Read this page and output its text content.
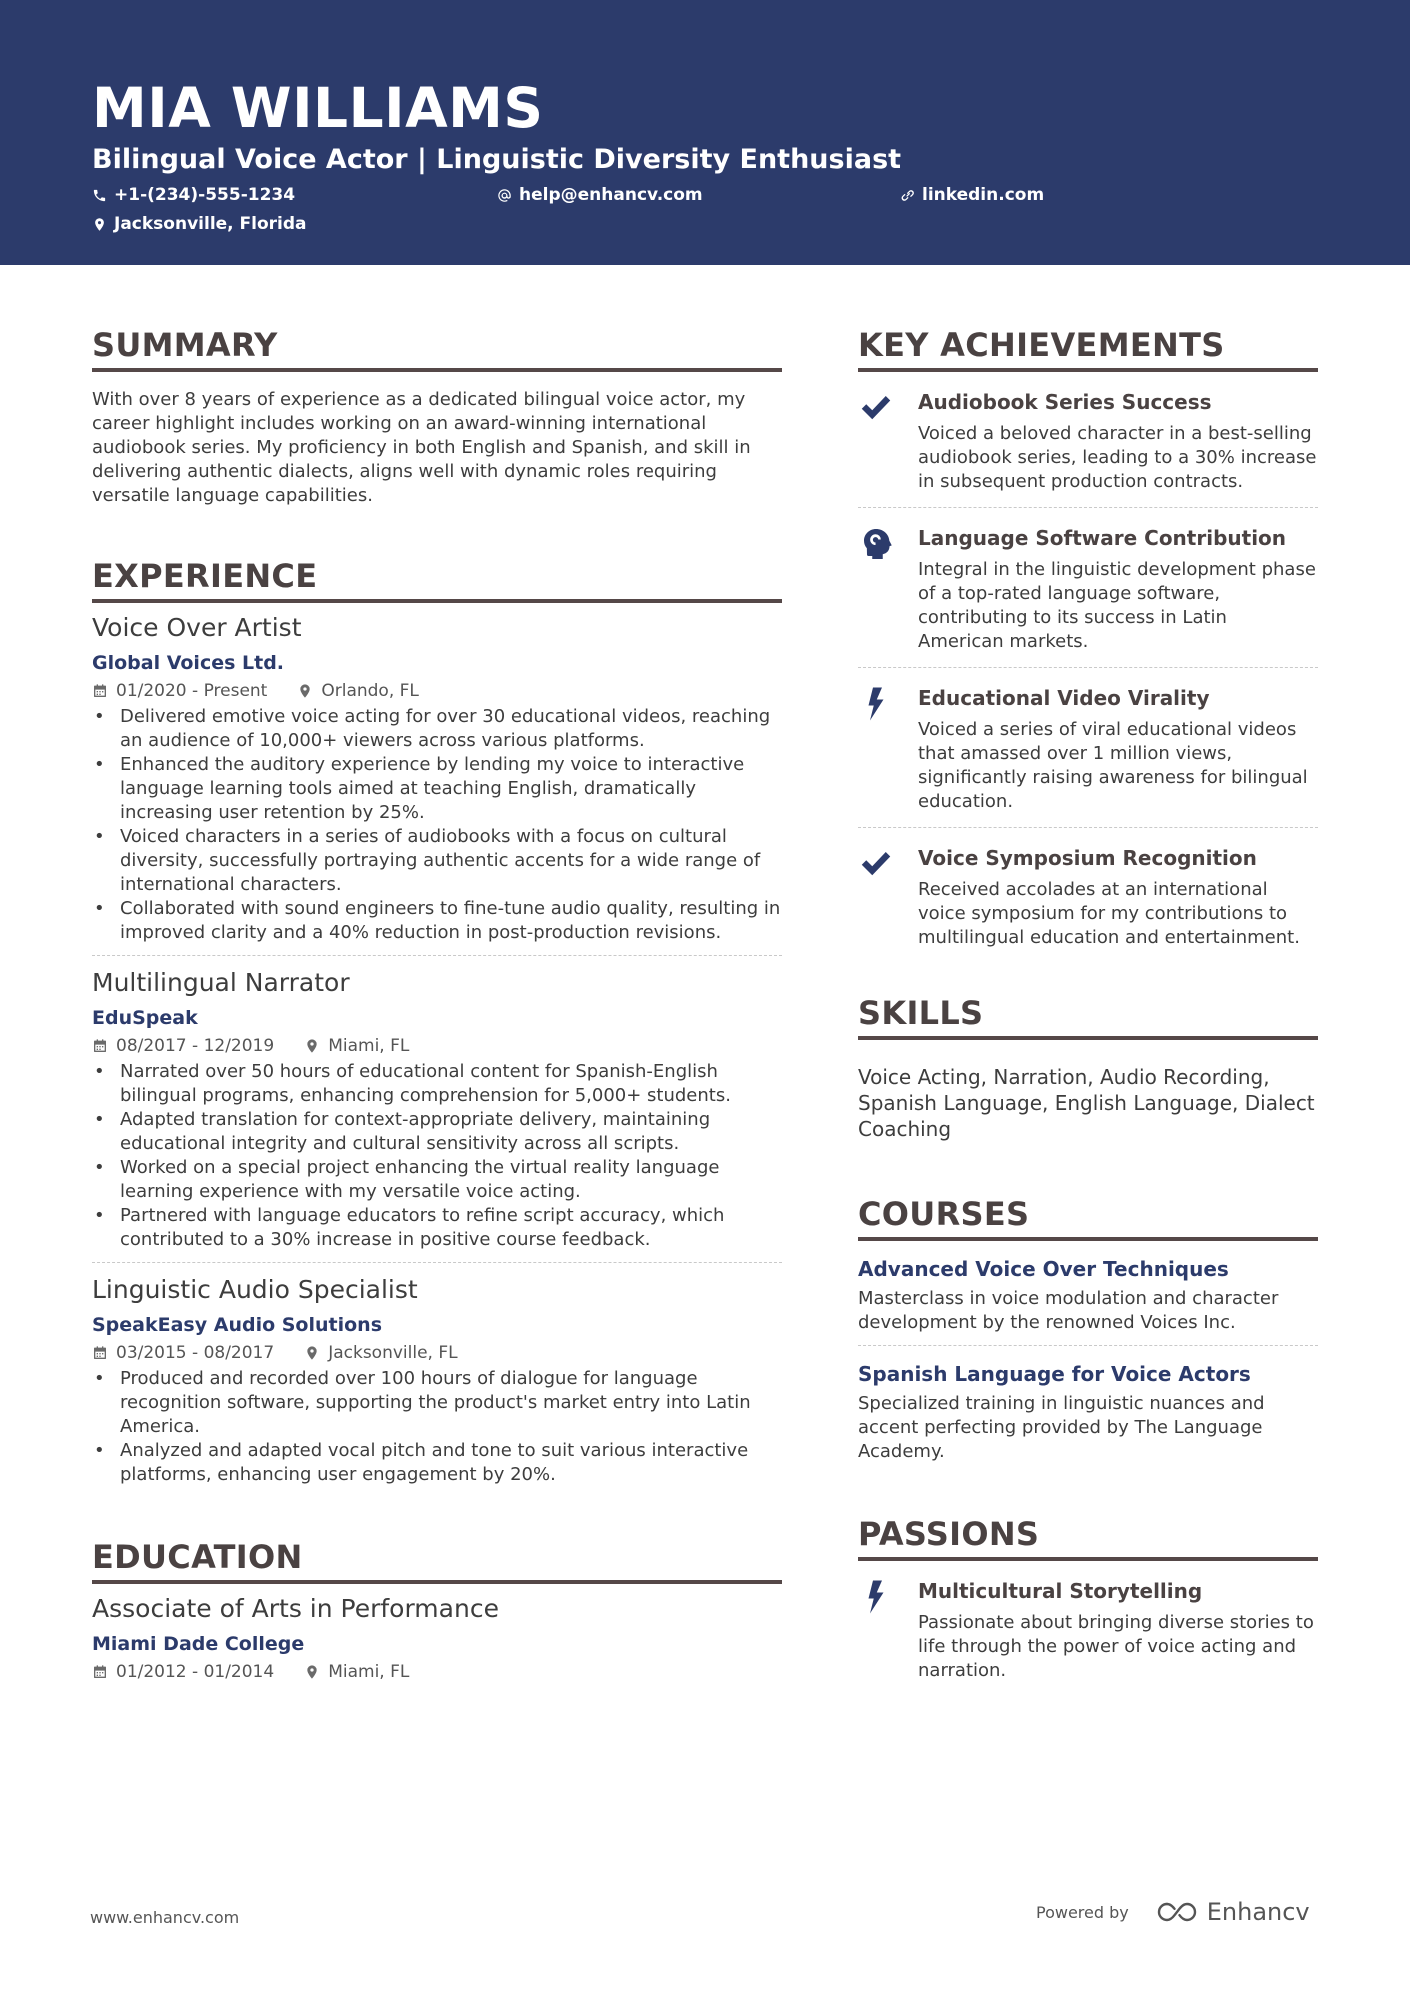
MIA WILLIAMS
Bilingual Voice Actor | Linguistic Diversity Enthusiast
+1-(234)-555-1234	help@enhancv.com	linkedin.com
Jacksonville, Florida
SUMMARY
With over 8 years of experience as a dedicated bilingual voice actor, my career highlight includes working on an award-winning international audiobook series. My proficiency in both English and Spanish, and skill in delivering authentic dialects, aligns well with dynamic roles requiring versatile language capabilities.
EXPERIENCE
Voice Over Artist
Global Voices Ltd.
01/2020 - Present	Orlando, FL
• Delivered emotive voice acting for over 30 educational videos, reaching an audience of 10,000+ viewers across various platforms.
• Enhanced the auditory experience by lending my voice to interactive language learning tools aimed at teaching English, dramatically increasing user retention by 25%.
• Voiced characters in a series of audiobooks with a focus on cultural diversity, successfully portraying authentic accents for a wide range of international characters.
• Collaborated with sound engineers to fine-tune audio quality, resulting in improved clarity and a 40% reduction in post-production revisions.
Multilingual Narrator
EduSpeak
08/2017 - 12/2019	Miami, FL
• Narrated over 50 hours of educational content for Spanish-English bilingual programs, enhancing comprehension for 5,000+ students.
• Adapted translation for context-appropriate delivery, maintaining educational integrity and cultural sensitivity across all scripts.
• Worked on a special project enhancing the virtual reality language learning experience with my versatile voice acting.
• Partnered with language educators to refine script accuracy, which contributed to a 30% increase in positive course feedback.
Linguistic Audio Specialist
SpeakEasy Audio Solutions
03/2015 - 08/2017	Jacksonville, FL
• Produced and recorded over 100 hours of dialogue for language recognition software, supporting the product's market entry into Latin America.
• Analyzed and adapted vocal pitch and tone to suit various interactive platforms, enhancing user engagement by 20%.
EDUCATION
Associate of Arts in Performance
Miami Dade College
01/2012 - 01/2014	Miami, FL
KEY ACHIEVEMENTS
Audiobook Series Success
Voiced a beloved character in a best-selling audiobook series, leading to a 30% increase in subsequent production contracts.
Language Software Contribution
Integral in the linguistic development phase of a top-rated language software, contributing to its success in Latin American markets.
Educational Video Virality
Voiced a series of viral educational videos that amassed over 1 million views, significantly raising awareness for bilingual education.
Voice Symposium Recognition
Received accolades at an international voice symposium for my contributions to multilingual education and entertainment.
SKILLS
Voice Acting, Narration, Audio Recording, Spanish Language, English Language, Dialect Coaching
COURSES
Advanced Voice Over Techniques
Masterclass in voice modulation and character development by the renowned Voices Inc.
Spanish Language for Voice Actors
Specialized training in linguistic nuances and accent perfecting provided by The Language Academy.
PASSIONS
Multicultural Storytelling
Passionate about bringing diverse stories to life through the power of voice acting and narration.
www.enhancv.com	Powered by	Enhancv
